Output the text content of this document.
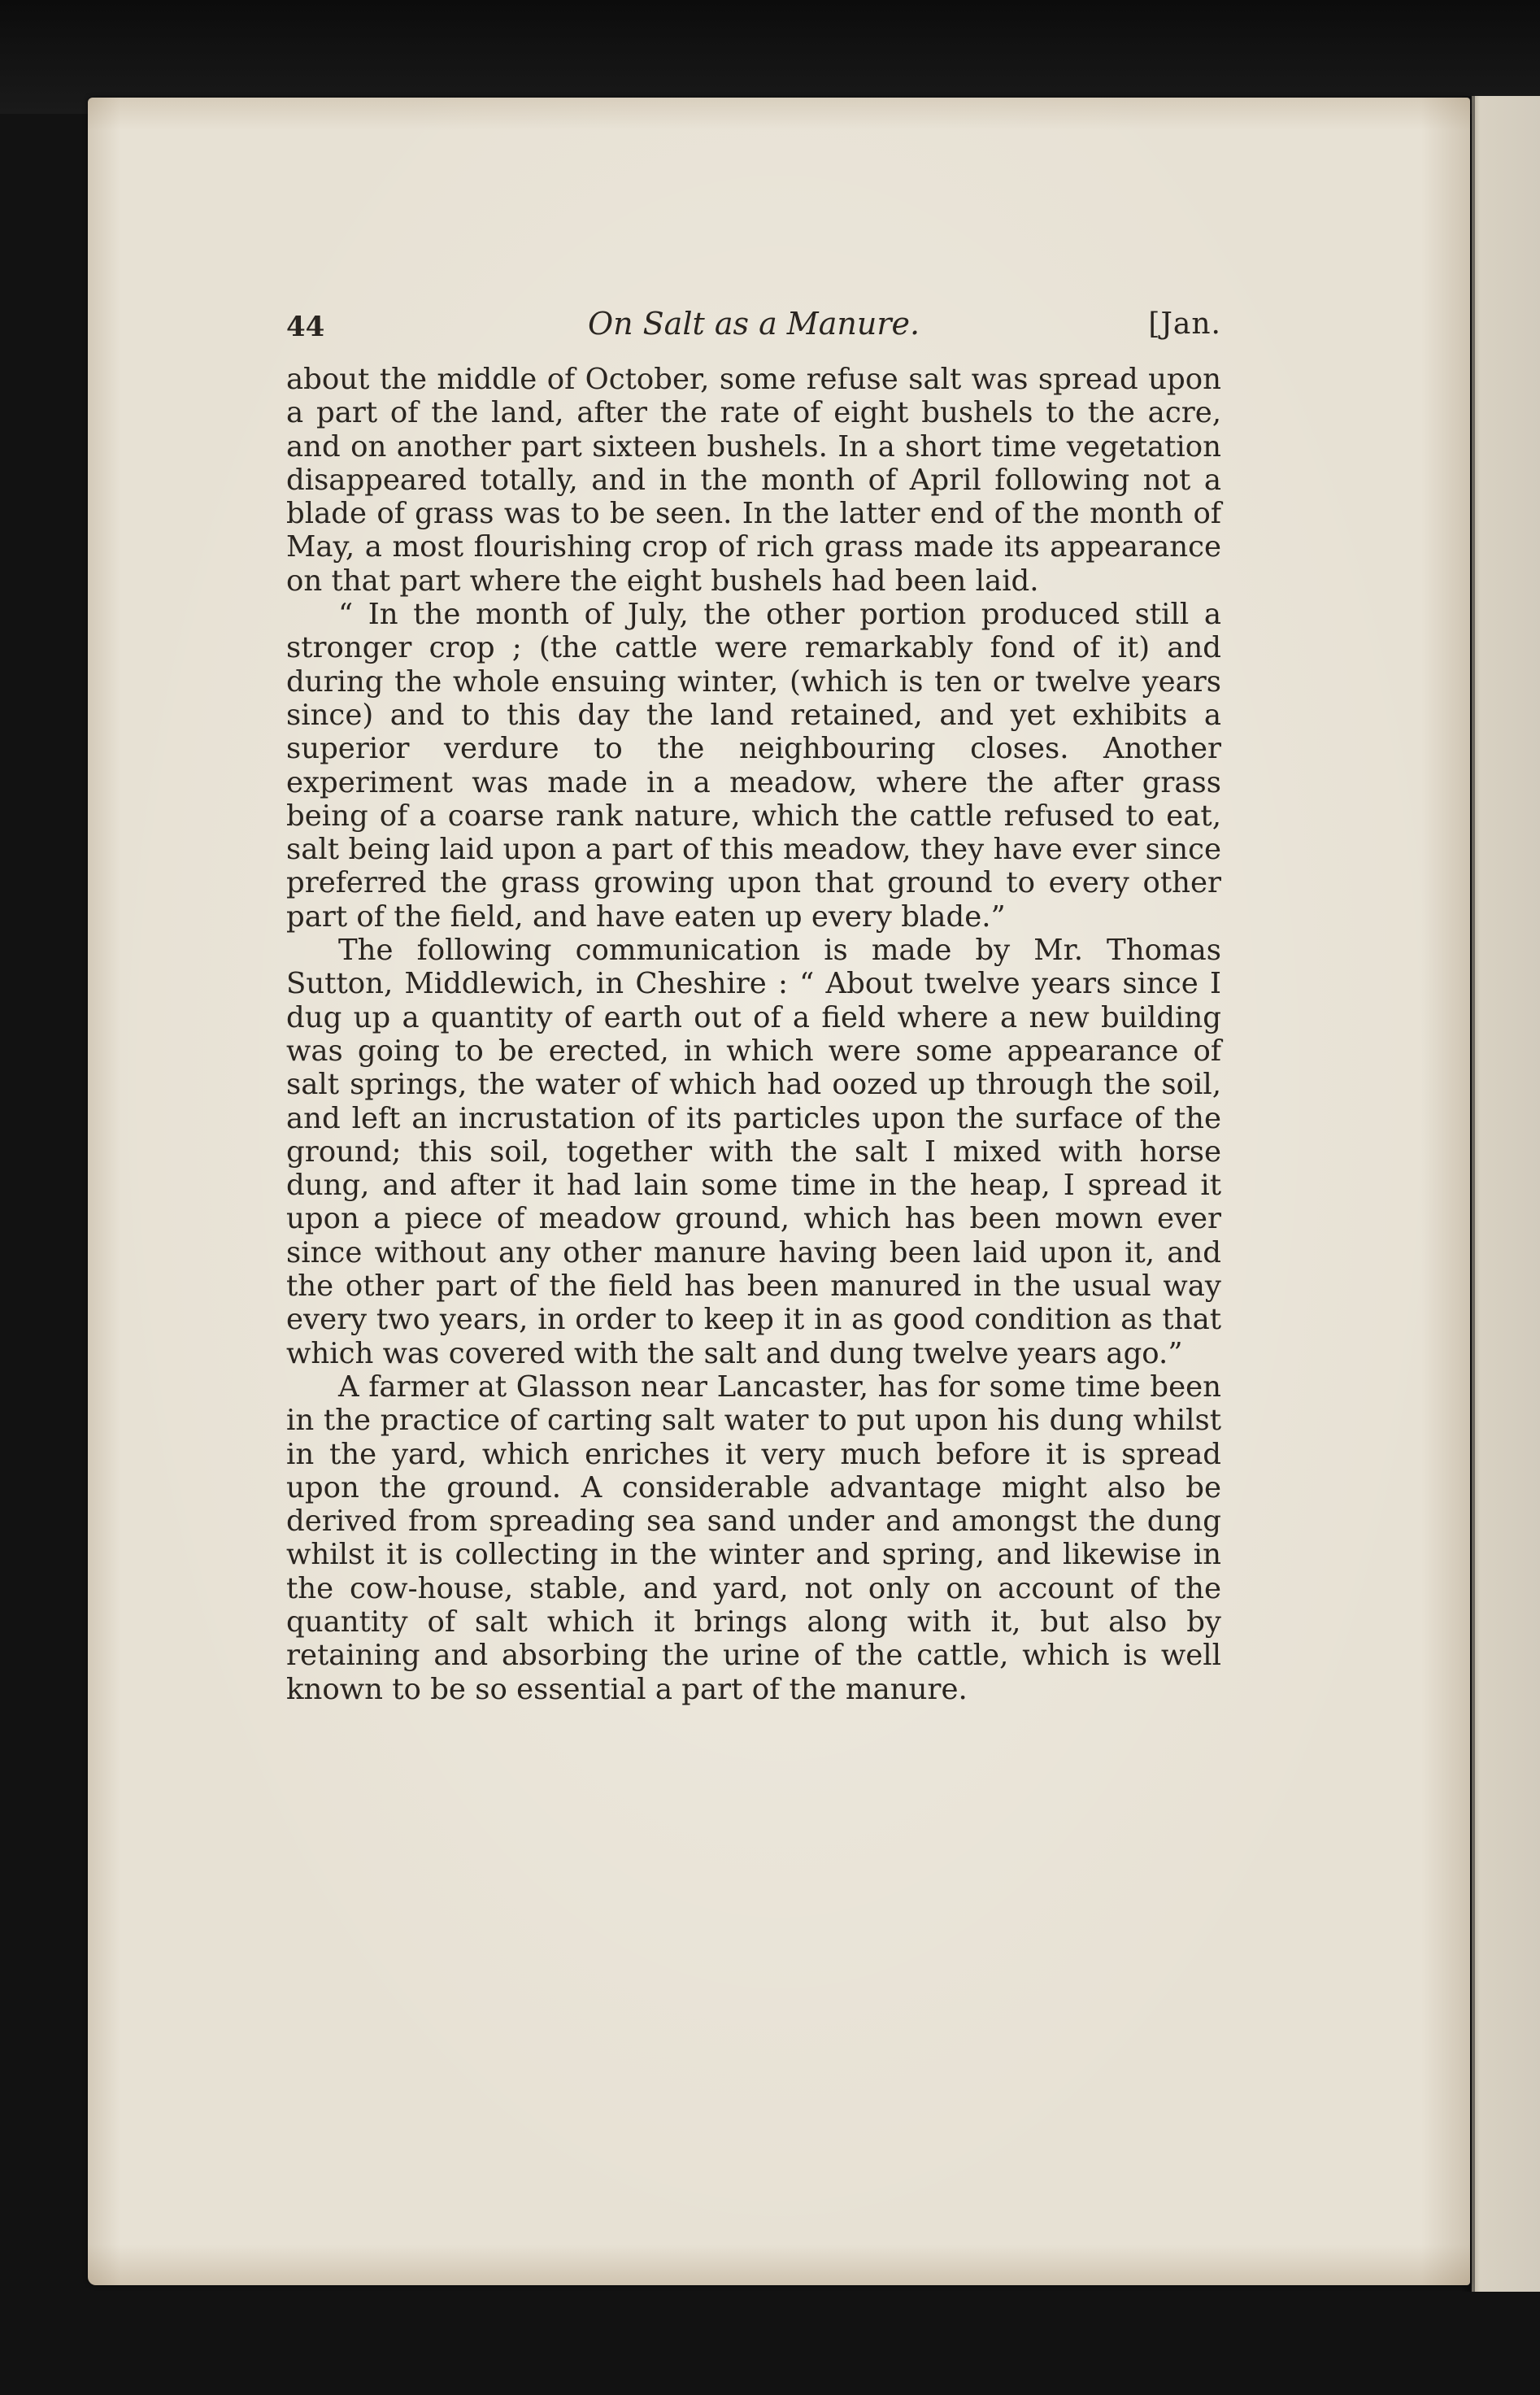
44	On Salt as a Manure.	[Jan.

about the middle of October, some refuse salt was spread upon a part of the land, after the rate of eight bushels to the acre, and on another part sixteen bushels. In a short time vegetation disappeared totally, and in the month of April following not a blade of grass was to be seen. In the latter end of the month of May, a most flourishing crop of rich grass made its appearance on that part where the eight bushels had been laid.

“ In the month of July, the other portion produced still a stronger crop ; (the cattle were remarkably fond of it) and during the whole ensuing winter, (which is ten or twelve years since) and to this day the land retained, and yet exhibits a superior verdure to the neighbouring closes. Another experiment was made in a meadow, where the after grass being of a coarse rank nature, which the cattle refused to eat, salt being laid upon a part of this meadow, they have ever since preferred the grass growing upon that ground to every other part of the field, and have eaten up every blade.”

The following communication is made by Mr. Thomas Sutton, Middlewich, in Cheshire : “ About twelve years since I dug up a quantity of earth out of a field where a new building was going to be erected, in which were some appearance of salt springs, the water of which had oozed up through the soil, and left an incrustation of its particles upon the surface of the ground; this soil, together with the salt I mixed with horse dung, and after it had lain some time in the heap, I spread it upon a piece of meadow ground, which has been mown ever since without any other manure having been laid upon it, and the other part of the field has been manured in the usual way every two years, in order to keep it in as good condition as that which was covered with the salt and dung twelve years ago.”

A farmer at Glasson near Lancaster, has for some time been in the practice of carting salt water to put upon his dung whilst in the yard, which enriches it very much before it is spread upon the ground. A considerable advantage might also be derived from spreading sea sand under and amongst the dung whilst it is collecting in the winter and spring, and likewise in the cow-house, stable, and yard, not only on account of the quantity of salt which it brings along with it, but also by retaining and absorbing the urine of the cattle, which is well known to be so essential a part of the manure.
